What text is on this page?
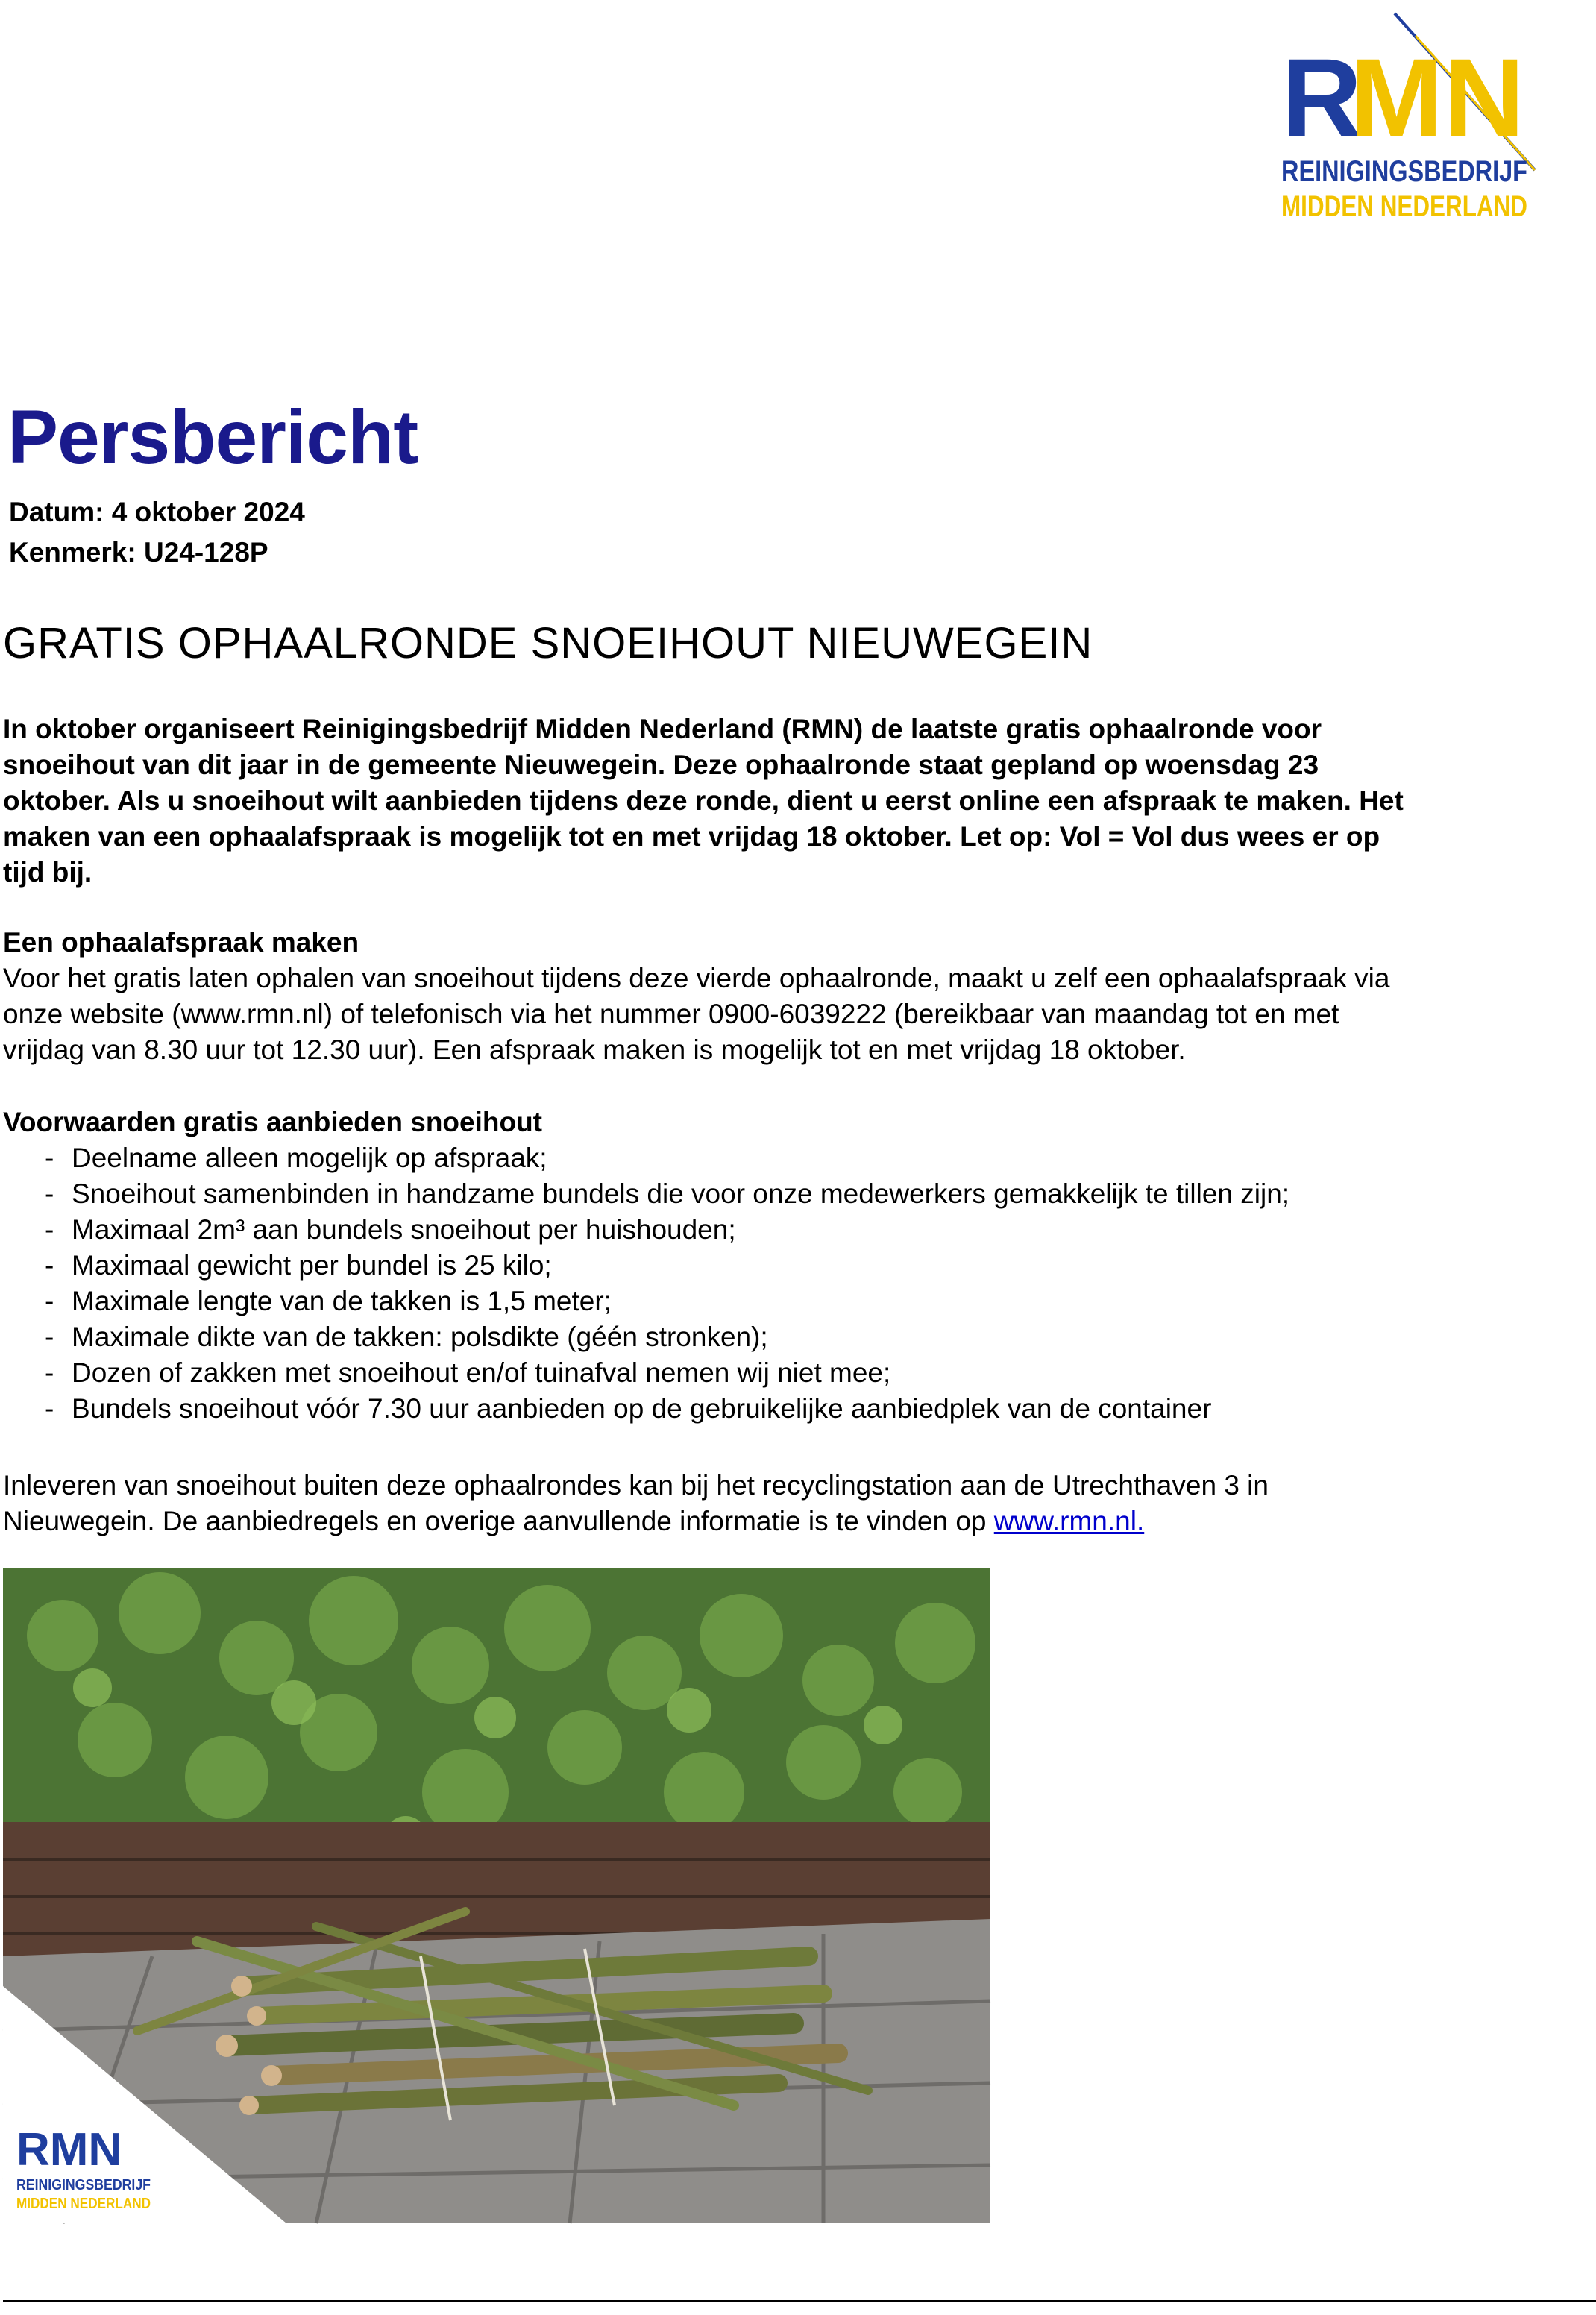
R
M N
REINIGINGSBEDRIJF
MIDDEN NEDERLAND
Persbericht
Datum: 4 oktober 2024
Kenmerk: U24-128P
GRATIS OPHAALRONDE SNOEIHOUT NIEUWEGEIN

In oktober organiseert Reinigingsbedrijf Midden Nederland (RMN) de laatste gratis ophaalronde voor

snoeihout van dit jaar in de gemeente Nieuwegein. Deze ophaalronde staat gepland op woensdag 23

oktober. Als u snoeihout wilt aanbieden tijdens deze ronde, dient u eerst online een afspraak te maken. Het

maken van een ophaalafspraak is mogelijk tot en met vrijdag 18 oktober. Let op: Vol = Vol dus wees er op

tijd bij.

Een ophaalafspraak maken

Voor het gratis laten ophalen van snoeihout tijdens deze vierde ophaalronde, maakt u zelf een ophaalafspraak via

onze website (www.rmn.nl) of telefonisch via het nummer 0900-6039222 (bereikbaar van maandag tot en met

vrijdag van 8.30 uur tot 12.30 uur). Een afspraak maken is mogelijk tot en met vrijdag 18 oktober.

Voorwaarden gratis aanbieden snoeihout
- Deelname alleen mogelijk op afspraak;
- Snoeihout samenbinden in handzame bundels die voor onze medewerkers gemakkelijk te tillen zijn;
- Maximaal 2m³ aan bundels snoeihout per huishouden;
- Maximaal gewicht per bundel is 25 kilo;
- Maximale lengte van de takken is 1,5 meter;
- Maximale dikte van de takken: polsdikte (géén stronken);
- Dozen of zakken met snoeihout en/of tuinafval nemen wij niet mee;
- Bundels snoeihout vóór 7.30 uur aanbieden op de gebruikelijke aanbiedplek van de container

Inleveren van snoeihout buiten deze ophaalrondes kan bij het recyclingstation aan de Utrechthaven 3 in

Nieuwegein. De aanbiedregels en overige aanvullende informatie is te vinden op www.rmn.nl.

RMN
REINIGINGSBEDRIJF
MIDDEN NEDERLAND
